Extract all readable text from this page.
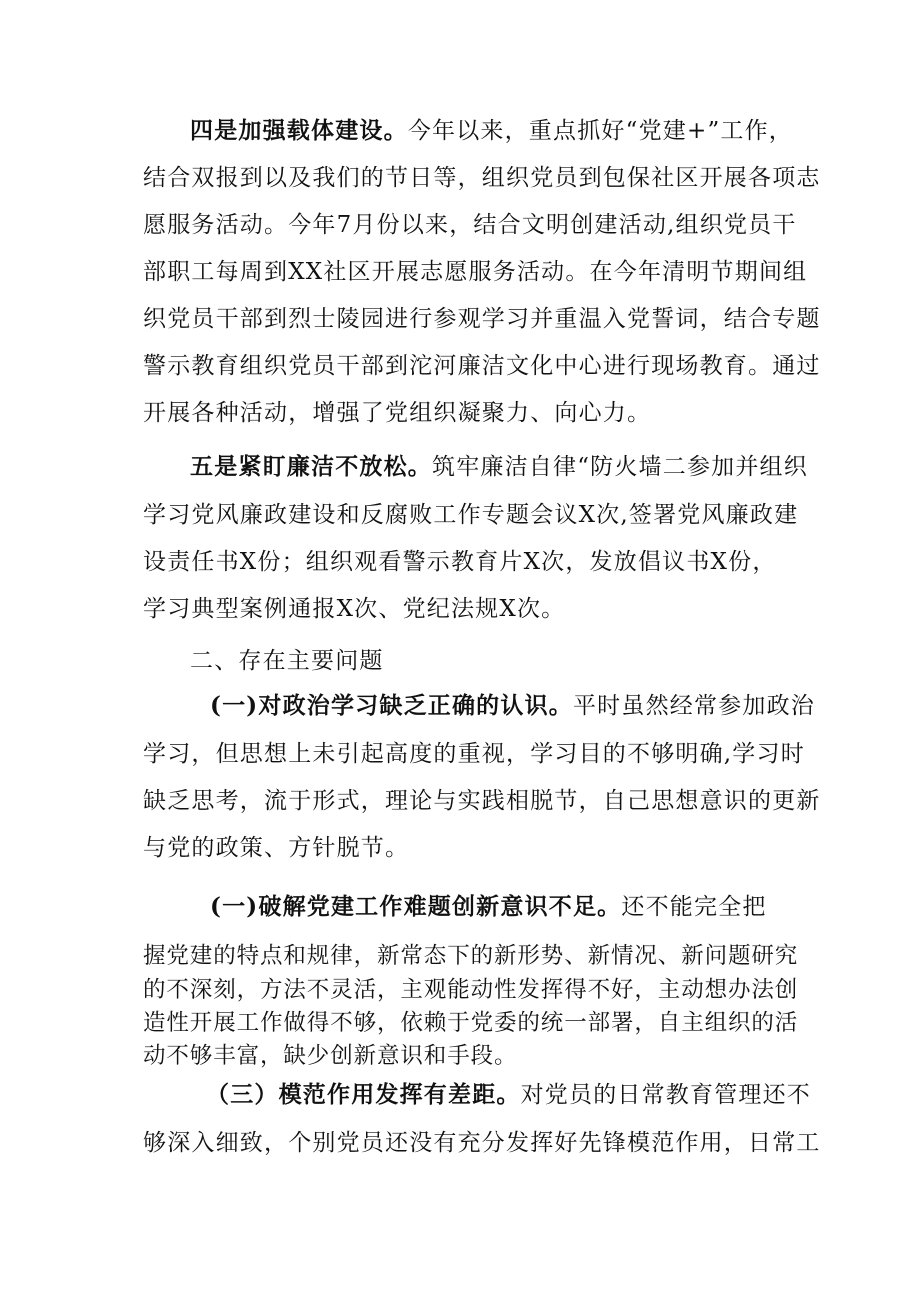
四是加强载体建设。今年以来，重点抓好“党建+”工作，
结合双报到以及我们的节日等，组织党员到包保社区开展各项志
愿服务活动。今年7月份以来，结合文明创建活动,组织党员干
部职工每周到XX社区开展志愿服务活动。在今年清明节期间组
织党员干部到烈士陵园进行参观学习并重温入党誓词，结合专题
警示教育组织党员干部到沱河廉洁文化中心进行现场教育。通过
开展各种活动，增强了党组织凝聚力、向心力。
五是紧盯廉洁不放松。筑牢廉洁自律“防火墙二参加并组织
学习党风廉政建设和反腐败工作专题会议X次,签署党风廉政建
设责任书X份；组织观看警示教育片X次，发放倡议书X份，
学习典型案例通报X次、党纪法规X次。
二、存在主要问题
(一)对政治学习缺乏正确的认识。平时虽然经常参加政治
学习，但思想上未引起高度的重视，学习目的不够明确,学习时
缺乏思考，流于形式，理论与实践相脱节，自己思想意识的更新
与党的政策、方针脱节。
(一)破解党建工作难题创新意识不足。还不能完全把
握党建的特点和规律，新常态下的新形势、新情况、新问题研究
的不深刻，方法不灵活，主观能动性发挥得不好，主动想办法创
造性开展工作做得不够，依赖于党委的统一部署，自主组织的活
动不够丰富，缺少创新意识和手段。
（三）模范作用发挥有差距。对党员的日常教育管理还不
够深入细致，个别党员还没有充分发挥好先锋模范作用，日常工
